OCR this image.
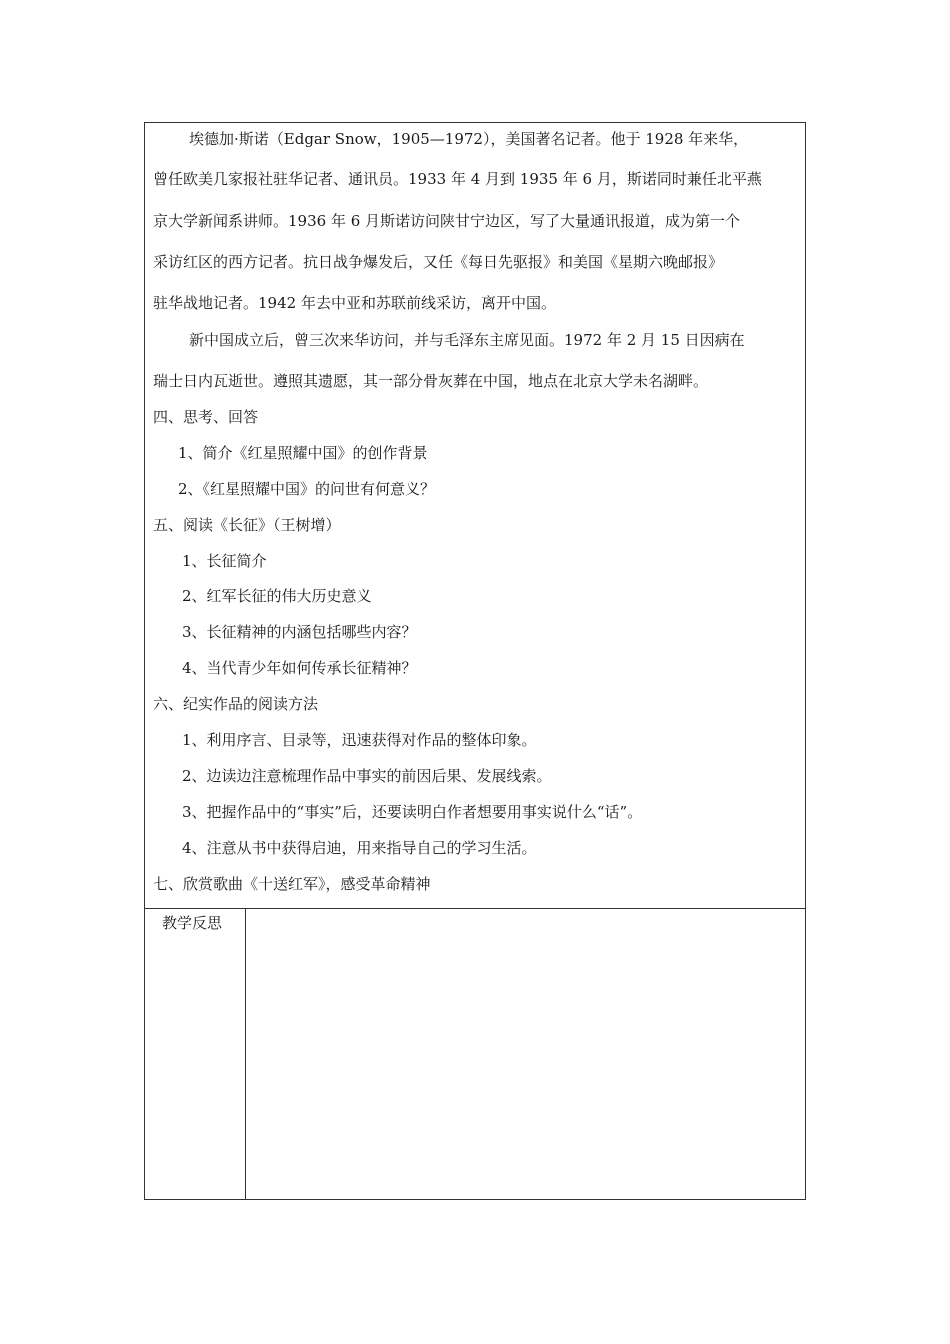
埃德加·斯诺（Edgar Snow，1905—1972），美国著名记者。他于 1928 年来华，
曾任欧美几家报社驻华记者、通讯员。1933 年 4 月到 1935 年 6 月，斯诺同时兼任北平燕
京大学新闻系讲师。1936 年 6 月斯诺访问陕甘宁边区，写了大量通讯报道，成为第一个
采访红区的西方记者。抗日战争爆发后，又任《每日先驱报》和美国《星期六晚邮报》
驻华战地记者。1942 年去中亚和苏联前线采访，离开中国。
新中国成立后，曾三次来华访问，并与毛泽东主席见面。1972 年 2 月 15 日因病在
瑞士日内瓦逝世。遵照其遗愿，其一部分骨灰葬在中国，地点在北京大学未名湖畔。
四、思考、回答
1、简介《红星照耀中国》的创作背景
2、《红星照耀中国》的问世有何意义？
五、阅读《长征》（王树增）
1、长征简介
2、红军长征的伟大历史意义
3、长征精神的内涵包括哪些内容？
4、当代青少年如何传承长征精神？
六、纪实作品的阅读方法
1、利用序言、目录等，迅速获得对作品的整体印象。
2、边读边注意梳理作品中事实的前因后果、发展线索。
3、把握作品中的“事实”后，还要读明白作者想要用事实说什么“话”。
4、注意从书中获得启迪，用来指导自己的学习生活。
七、欣赏歌曲《十送红军》，感受革命精神
教学反思
